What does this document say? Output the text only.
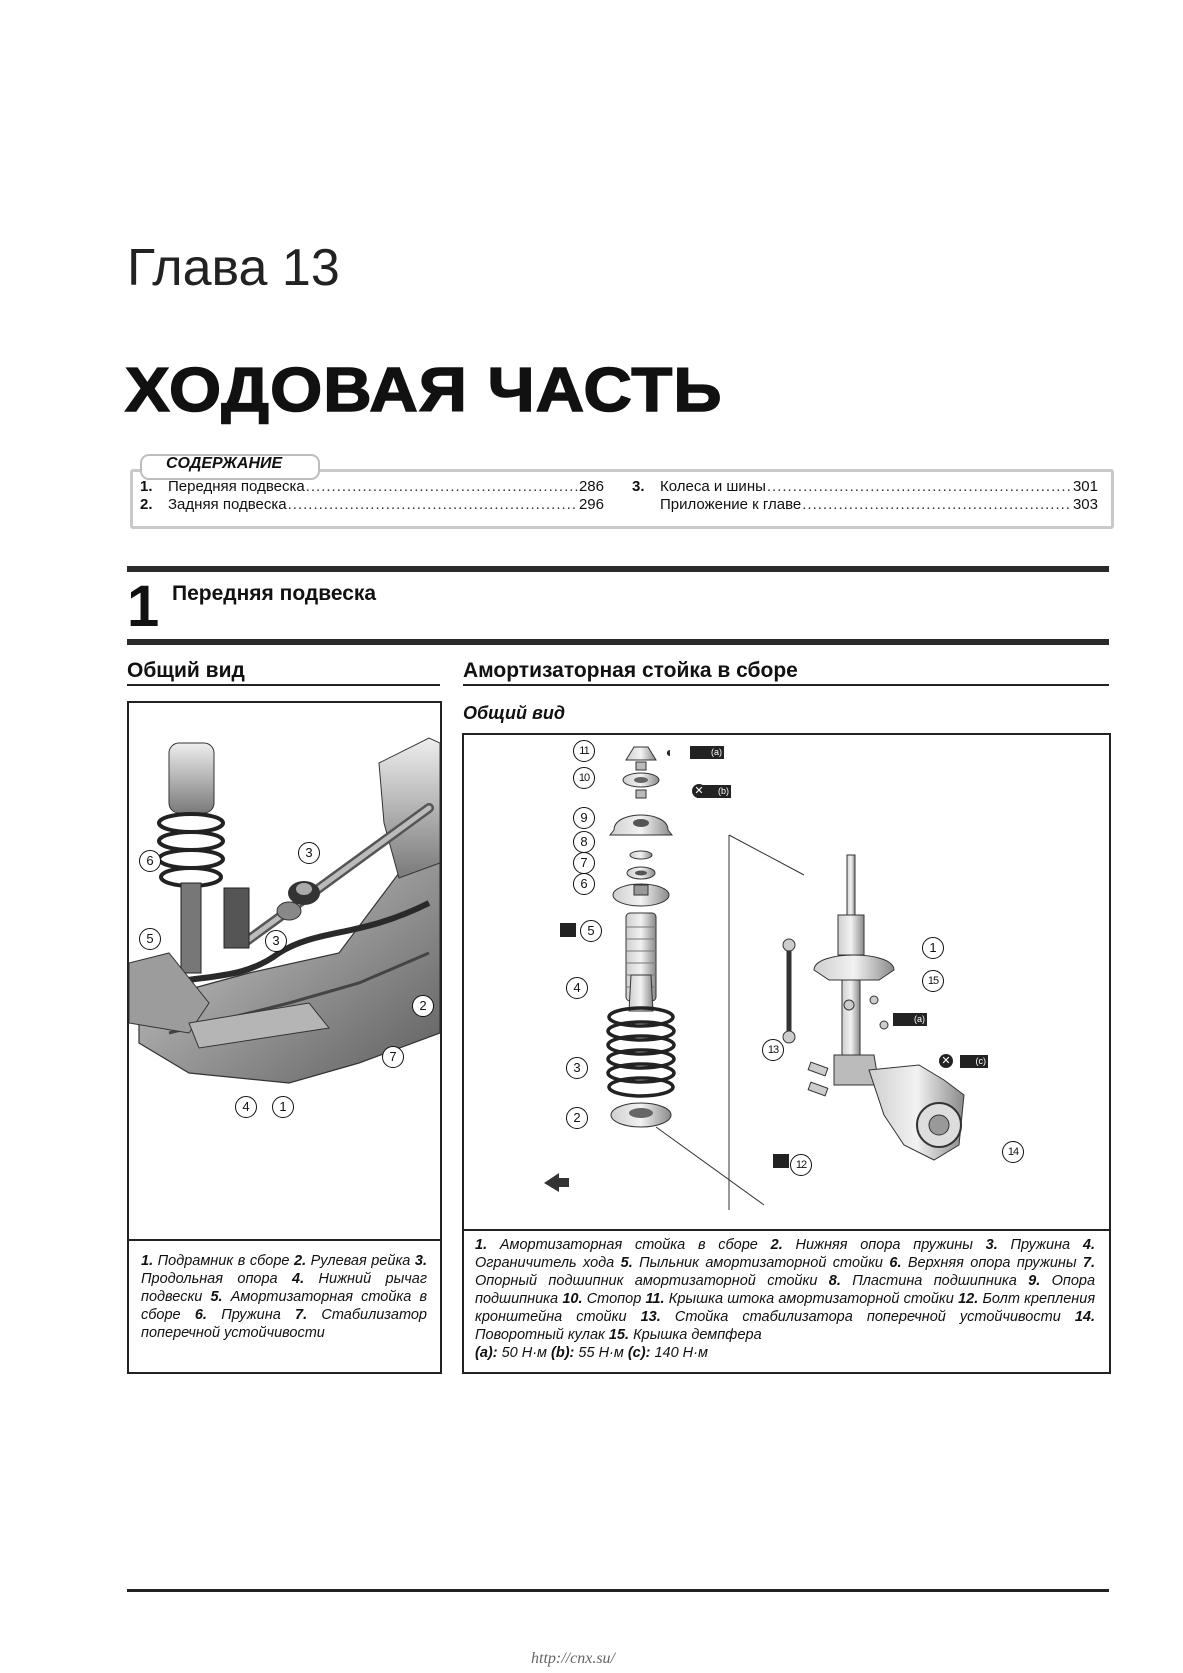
Глава 13
ХОДОВАЯ ЧАСТЬ
СОДЕРЖАНИЕ
1.	Передняя подвеска .....	286
2.	Задняя подвеска .....	296
3.	Колеса и шины .....	301
Приложение к главе .....	303
1 Передняя подвеска
Общий вид
6
3
5	3
2
7
4	1
1. Подрамник в сборе 2. Рулевая рейка 3. Продольная опора 4. Нижний рычаг подвески 5. Амортизаторная стойка в сборе 6. Пружина 7. Стабилизатор поперечной устойчивости
Амортизаторная стойка в сборе
Общий вид
(a)
◖
(b)
✕
(a)
(c)
✕
11
10
9
8
7
6
5
4
3
2
1
15
13
12
14
1. Амортизаторная стойка в сборе 2. Нижняя опора пружины 3. Пружина 4. Ограничитель хода 5. Пыльник амортизаторной стойки 6. Верхняя опора пружины 7. Опорный подшипник амортизаторной стойки 8. Пластина подшипника 9. Опора подшипника 10. Стопор 11. Крышка штока амортизаторной стойки 12. Болт крепления кронштейна стойки 13. Стойка стабилизатора поперечной устойчивости 14. Поворотный кулак 15. Крышка демпфера
(a): 50 Н·м (b): 55 Н·м (c): 140 Н·м
http://cnx.su/
